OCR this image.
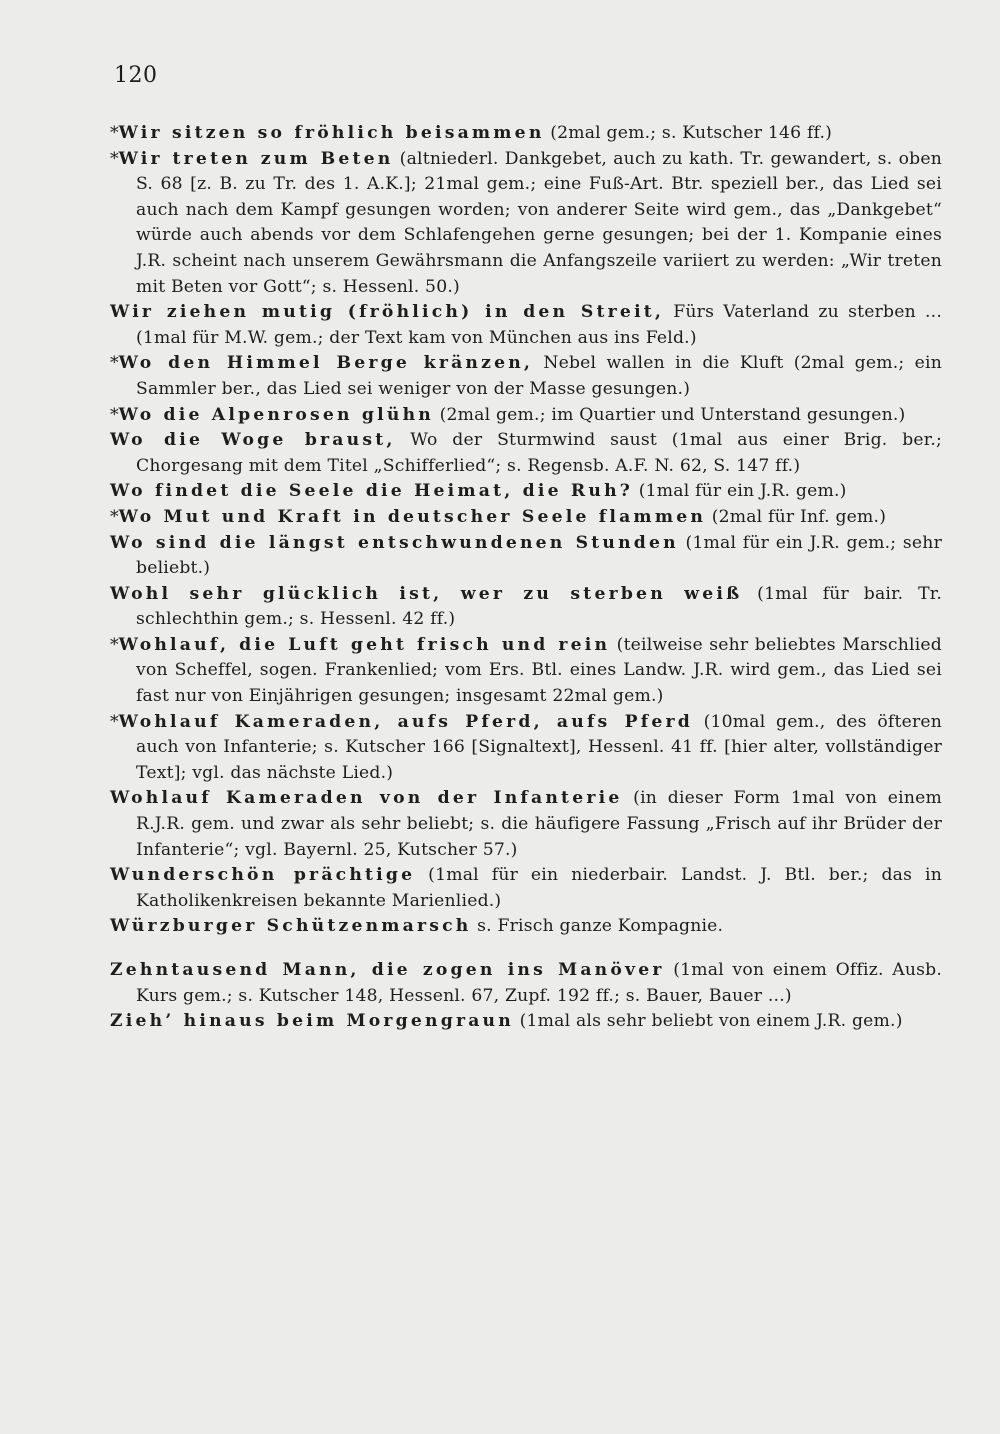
120

*Wir sitzen so fröhlich beisammen (2mal gem.; s. Kutscher 146 ff.)

*Wir treten zum Beten (altniederl. Dankgebet, auch zu kath. Tr. gewandert, s. oben S. 68 [z. B. zu Tr. des 1. A.K.]; 21mal gem.; eine Fuß-Art. Btr. speziell ber., das Lied sei auch nach dem Kampf gesungen worden; von anderer Seite wird gem., das „Dankgebet“ würde auch abends vor dem Schlafengehen gerne gesungen; bei der 1. Kompanie eines J.R. scheint nach unserem Gewährsmann die Anfangszeile variiert zu werden: „Wir treten mit Beten vor Gott“; s. Hessenl. 50.)

Wir ziehen mutig (fröhlich) in den Streit, Fürs Vaterland zu sterben ... (1mal für M.W. gem.; der Text kam von München aus ins Feld.)

*Wo den Himmel Berge kränzen, Nebel wallen in die Kluft (2mal gem.; ein Sammler ber., das Lied sei weniger von der Masse gesungen.)

*Wo die Alpenrosen glühn (2mal gem.; im Quartier und Unterstand gesungen.)

Wo die Woge braust, Wo der Sturmwind saust (1mal aus einer Brig. ber.; Chorgesang mit dem Titel „Schifferlied“; s. Regensb. A.F. N. 62, S. 147 ff.)

Wo findet die Seele die Heimat, die Ruh? (1mal für ein J.R. gem.)

*Wo Mut und Kraft in deutscher Seele flammen (2mal für Inf. gem.)

Wo sind die längst entschwundenen Stunden (1mal für ein J.R. gem.; sehr beliebt.)

Wohl sehr glücklich ist, wer zu sterben weiß (1mal für bair. Tr. schlechthin gem.; s. Hessenl. 42 ff.)

*Wohlauf, die Luft geht frisch und rein (teilweise sehr beliebtes Marschlied von Scheffel, sogen. Frankenlied; vom Ers. Btl. eines Landw. J.R. wird gem., das Lied sei fast nur von Einjährigen gesungen; insgesamt 22mal gem.)

*Wohlauf Kameraden, aufs Pferd, aufs Pferd (10mal gem., des öfteren auch von Infanterie; s. Kutscher 166 [Signaltext], Hessenl. 41 ff. [hier alter, vollständiger Text]; vgl. das nächste Lied.)

Wohlauf Kameraden von der Infanterie (in dieser Form 1mal von einem R.J.R. gem. und zwar als sehr beliebt; s. die häufigere Fassung „Frisch auf ihr Brüder der Infanterie“; vgl. Bayernl. 25, Kutscher 57.)

Wunderschön prächtige (1mal für ein niederbair. Landst. J. Btl. ber.; das in Katholikenkreisen bekannte Marienlied.)

Würzburger Schützenmarsch s. Frisch ganze Kompagnie.

Zehntausend Mann, die zogen ins Manöver (1mal von einem Offiz. Ausb. Kurs gem.; s. Kutscher 148, Hessenl. 67, Zupf. 192 ff.; s. Bauer, Bauer ...)

Zieh’ hinaus beim Morgengraun (1mal als sehr beliebt von einem J.R. gem.)
